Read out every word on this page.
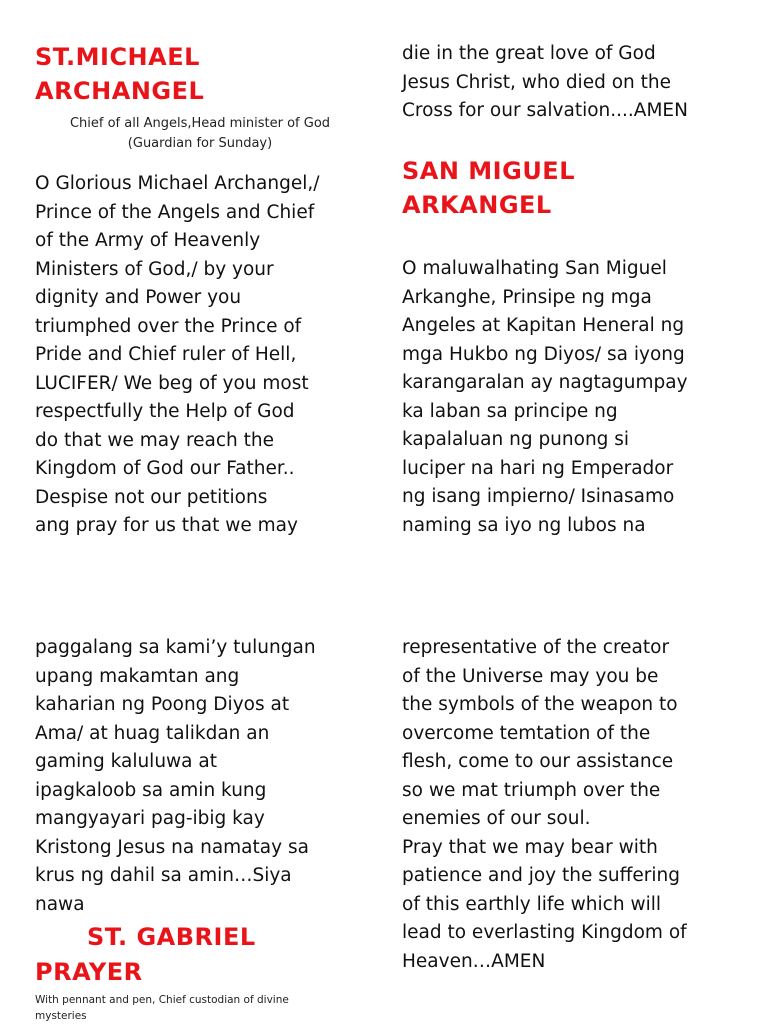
ST.MICHAEL
ARCHANGEL
Chief of all Angels,Head minister of God
(Guardian for Sunday)

O Glorious Michael Archangel,/
Prince of the Angels and Chief
of the Army of Heavenly
Ministers of God,/ by your
dignity and Power you
triumphed over the Prince of
Pride and Chief ruler of Hell,
LUCIFER/ We beg of you most
respectfully the Help of God
do that we may reach the
Kingdom of God our Father..
Despise not our petitions
ang pray for us that we may

die in the great love of God
Jesus Christ, who died on the
Cross for our salvation....AMEN

SAN MIGUEL
ARKANGEL

O maluwalhating San Miguel
Arkanghe, Prinsipe ng mga
Angeles at Kapitan Heneral ng
mga Hukbo ng Diyos/ sa iyong
karangaralan ay nagtagumpay
ka laban sa principe ng
kapalaluan ng punong si
luciper na hari ng Emperador
ng isang impierno/ Isinasamo
naming sa iyo ng lubos na

paggalang sa kami’y tulungan
upang makamtan ang
kaharian ng Poong Diyos at
Ama/ at huag talikdan an
gaming kaluluwa at
ipagkaloob sa amin kung
mangyayari pag-ibig kay
Kristong Jesus na namatay sa
krus ng dahil sa amin…Siya
nawa

ST. GABRIEL
PRAYER
With pennant and pen, Chief custodian of divine
mysteries

representative of the creator
of the Universe may you be
the symbols of the weapon to
overcome temtation of the
flesh, come to our assistance
so we mat triumph over the
enemies of our soul.
Pray that we may bear with
patience and joy the suffering
of this earthly life which will
lead to everlasting Kingdom of
Heaven…AMEN
